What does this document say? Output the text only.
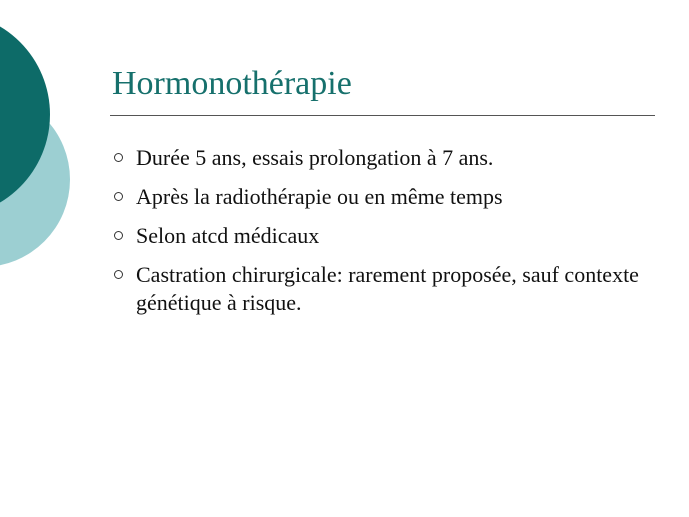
Hormonothérapie
Durée 5 ans, essais prolongation à 7 ans.
Après la radiothérapie ou en même temps
Selon atcd médicaux
Castration chirurgicale: rarement proposée, sauf contexte génétique à risque.
